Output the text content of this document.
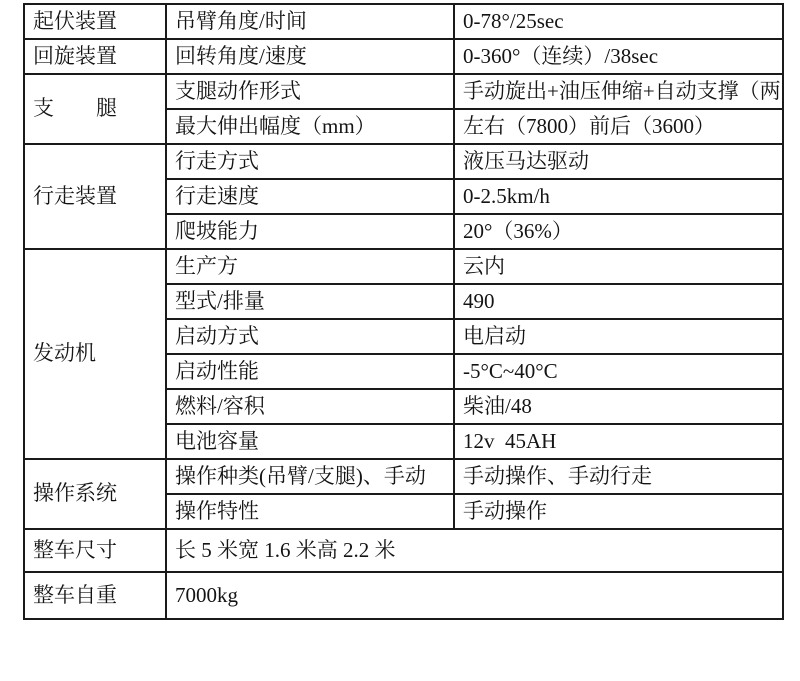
起伏装置	吊臂角度/时间	0-78°/25sec
回旋装置	回转角度/速度	0-360°（连续）/38sec
支　　腿	支腿动作形式	手动旋出+油压伸缩+自动支撑（两
	最大伸出幅度（mm）	左右（7800）前后（3600）
行走装置	行走方式	液压马达驱动
	行走速度	0-2.5km/h
	爬坡能力	20°（36%）
发动机	生产方	云内
	型式/排量	490
	启动方式	电启动
	启动性能	-5°C~40°C
	燃料/容积	柴油/48
	电池容量	12v  45AH
操作系统	操作种类(吊臂/支腿)、手动	手动操作、手动行走
	操作特性	手动操作
整车尺寸	长 5 米宽 1.6 米高 2.2 米	
整车自重	7000kg	
